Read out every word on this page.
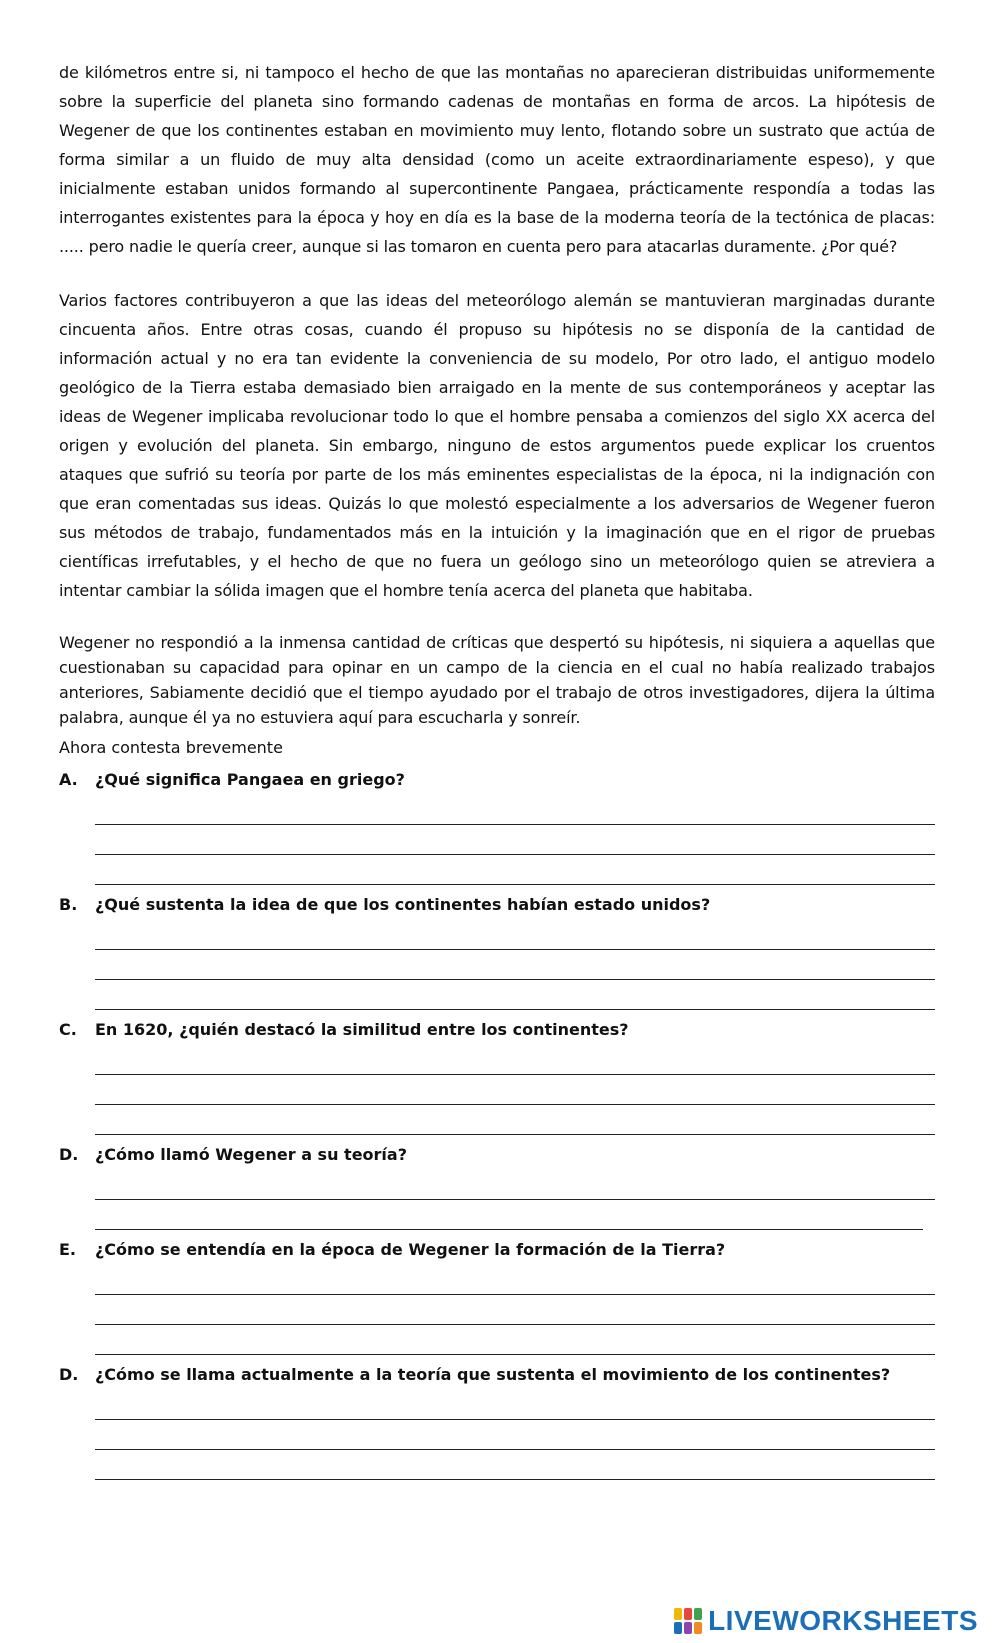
de kilómetros entre si, ni tampoco el hecho de que las montañas no aparecieran distribuidas uniformemente sobre la superficie del planeta sino formando cadenas de montañas en forma de arcos. La hipótesis de Wegener de que los continentes estaban en movimiento muy lento, flotando sobre un sustrato que actúa de forma similar a un fluido de muy alta densidad (como un aceite extraordinariamente espeso), y que inicialmente estaban unidos formando al supercontinente Pangaea, prácticamente respondía a todas las interrogantes existentes para la época y hoy en día es la base de la moderna teoría de la tectónica de placas: ..... pero nadie le quería creer, aunque si las tomaron en cuenta pero para atacarlas duramente. ¿Por qué?

Varios factores contribuyeron a que las ideas del meteorólogo alemán se mantuvieran marginadas durante cincuenta años. Entre otras cosas, cuando él propuso su hipótesis no se disponía de la cantidad de información actual y no era tan evidente la conveniencia de su modelo, Por otro lado, el antiguo modelo geológico de la Tierra estaba demasiado bien arraigado en la mente de sus contemporáneos y aceptar las ideas de Wegener implicaba revolucionar todo lo que el hombre pensaba a comienzos del siglo XX acerca del origen y evolución del planeta. Sin embargo, ninguno de estos argumentos puede explicar los cruentos ataques que sufrió su teoría por parte de los más eminentes especialistas de la época, ni la indignación con que eran comentadas sus ideas. Quizás lo que molestó especialmente a los adversarios de Wegener fueron sus métodos de trabajo, fundamentados más en la intuición y la imaginación que en el rigor de pruebas científicas irrefutables, y el hecho de que no fuera un geólogo sino un meteorólogo quien se atreviera a intentar cambiar la sólida imagen que el hombre tenía acerca del planeta que habitaba.

Wegener no respondió a la inmensa cantidad de críticas que despertó su hipótesis, ni siquiera a aquellas que cuestionaban su capacidad para opinar en un campo de la ciencia en el cual no había realizado trabajos anteriores, Sabiamente decidió que el tiempo ayudado por el trabajo de otros investigadores, dijera la última palabra, aunque él ya no estuviera aquí para escucharla y sonreír.

Ahora contesta brevemente
A.	¿Qué significa Pangaea en griego?
B.	¿Qué sustenta la idea de que los continentes habían estado unidos?
C.	En 1620, ¿quién destacó la similitud entre los continentes?
D.	¿Cómo llamó Wegener a su teoría?
E.	¿Cómo se entendía en la época de Wegener la formación de la Tierra?
D.	¿Cómo se llama actualmente a la teoría que sustenta el movimiento de los continentes?
LIVEWORKSHEETS
